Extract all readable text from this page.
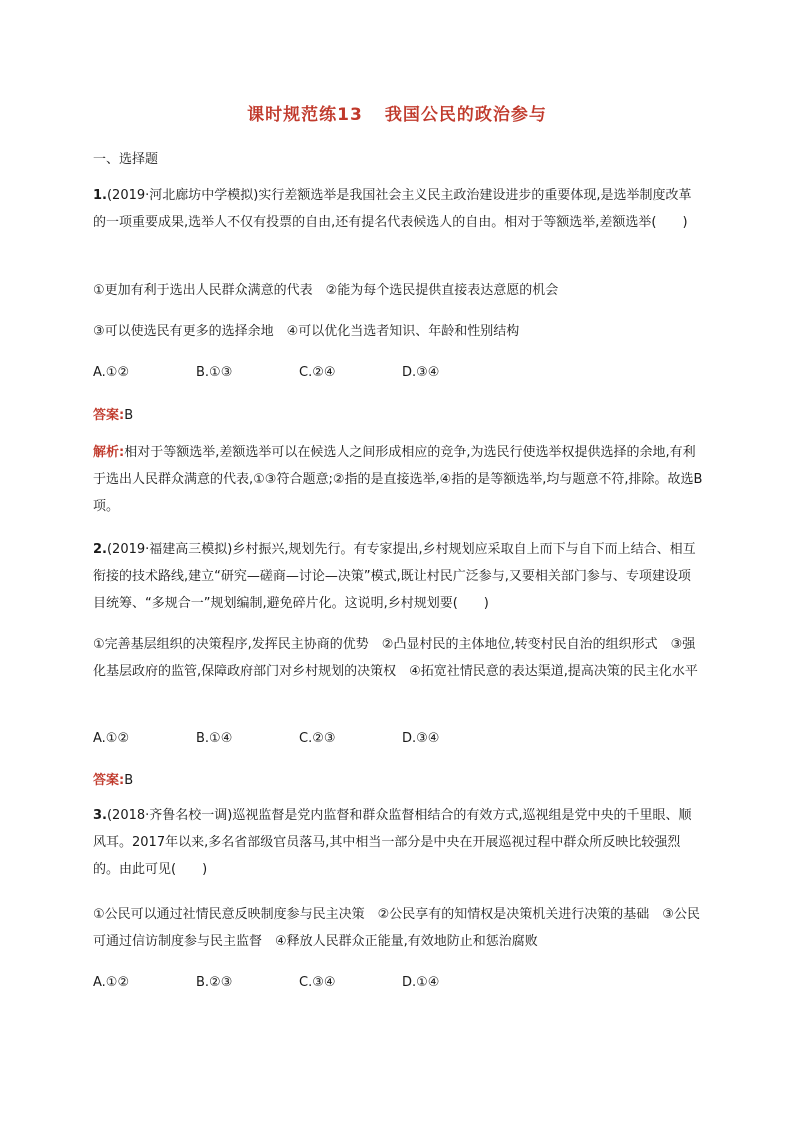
课时规范练13 我国公民的政治参与
一、选择题
1.(2019·河北廊坊中学模拟)实行差额选举是我国社会主义民主政治建设进步的重要体现,是选举制度改革的一项重要成果,选举人不仅有投票的自由,还有提名代表候选人的自由。相对于等额选举,差额选举(　　)
①更加有利于选出人民群众满意的代表　②能为每个选民提供直接表达意愿的机会
③可以使选民有更多的选择余地　④可以优化当选者知识、年龄和性别结构
A.①②	B.①③	C.②④	D.③④
答案:B
解析:相对于等额选举,差额选举可以在候选人之间形成相应的竞争,为选民行使选举权提供选择的余地,有利于选出人民群众满意的代表,①③符合题意;②指的是直接选举,④指的是等额选举,均与题意不符,排除。故选B项。
2.(2019·福建高三模拟)乡村振兴,规划先行。有专家提出,乡村规划应采取自上而下与自下而上结合、相互衔接的技术路线,建立“研究—磋商—讨论—决策”模式,既让村民广泛参与,又要相关部门参与、专项建设项目统筹、“多规合一”规划编制,避免碎片化。这说明,乡村规划要(　　)
①完善基层组织的决策程序,发挥民主协商的优势　②凸显村民的主体地位,转变村民自治的组织形式　③强化基层政府的监管,保障政府部门对乡村规划的决策权　④拓宽社情民意的表达渠道,提高决策的民主化水平
A.①②	B.①④	C.②③	D.③④
答案:B
3.(2018·齐鲁名校一调)巡视监督是党内监督和群众监督相结合的有效方式,巡视组是党中央的千里眼、顺风耳。2017年以来,多名省部级官员落马,其中相当一部分是中央在开展巡视过程中群众所反映比较强烈的。由此可见(　　)
①公民可以通过社情民意反映制度参与民主决策　②公民享有的知情权是决策机关进行决策的基础　③公民可通过信访制度参与民主监督　④释放人民群众正能量,有效地防止和惩治腐败
A.①②	B.②③	C.③④	D.①④
